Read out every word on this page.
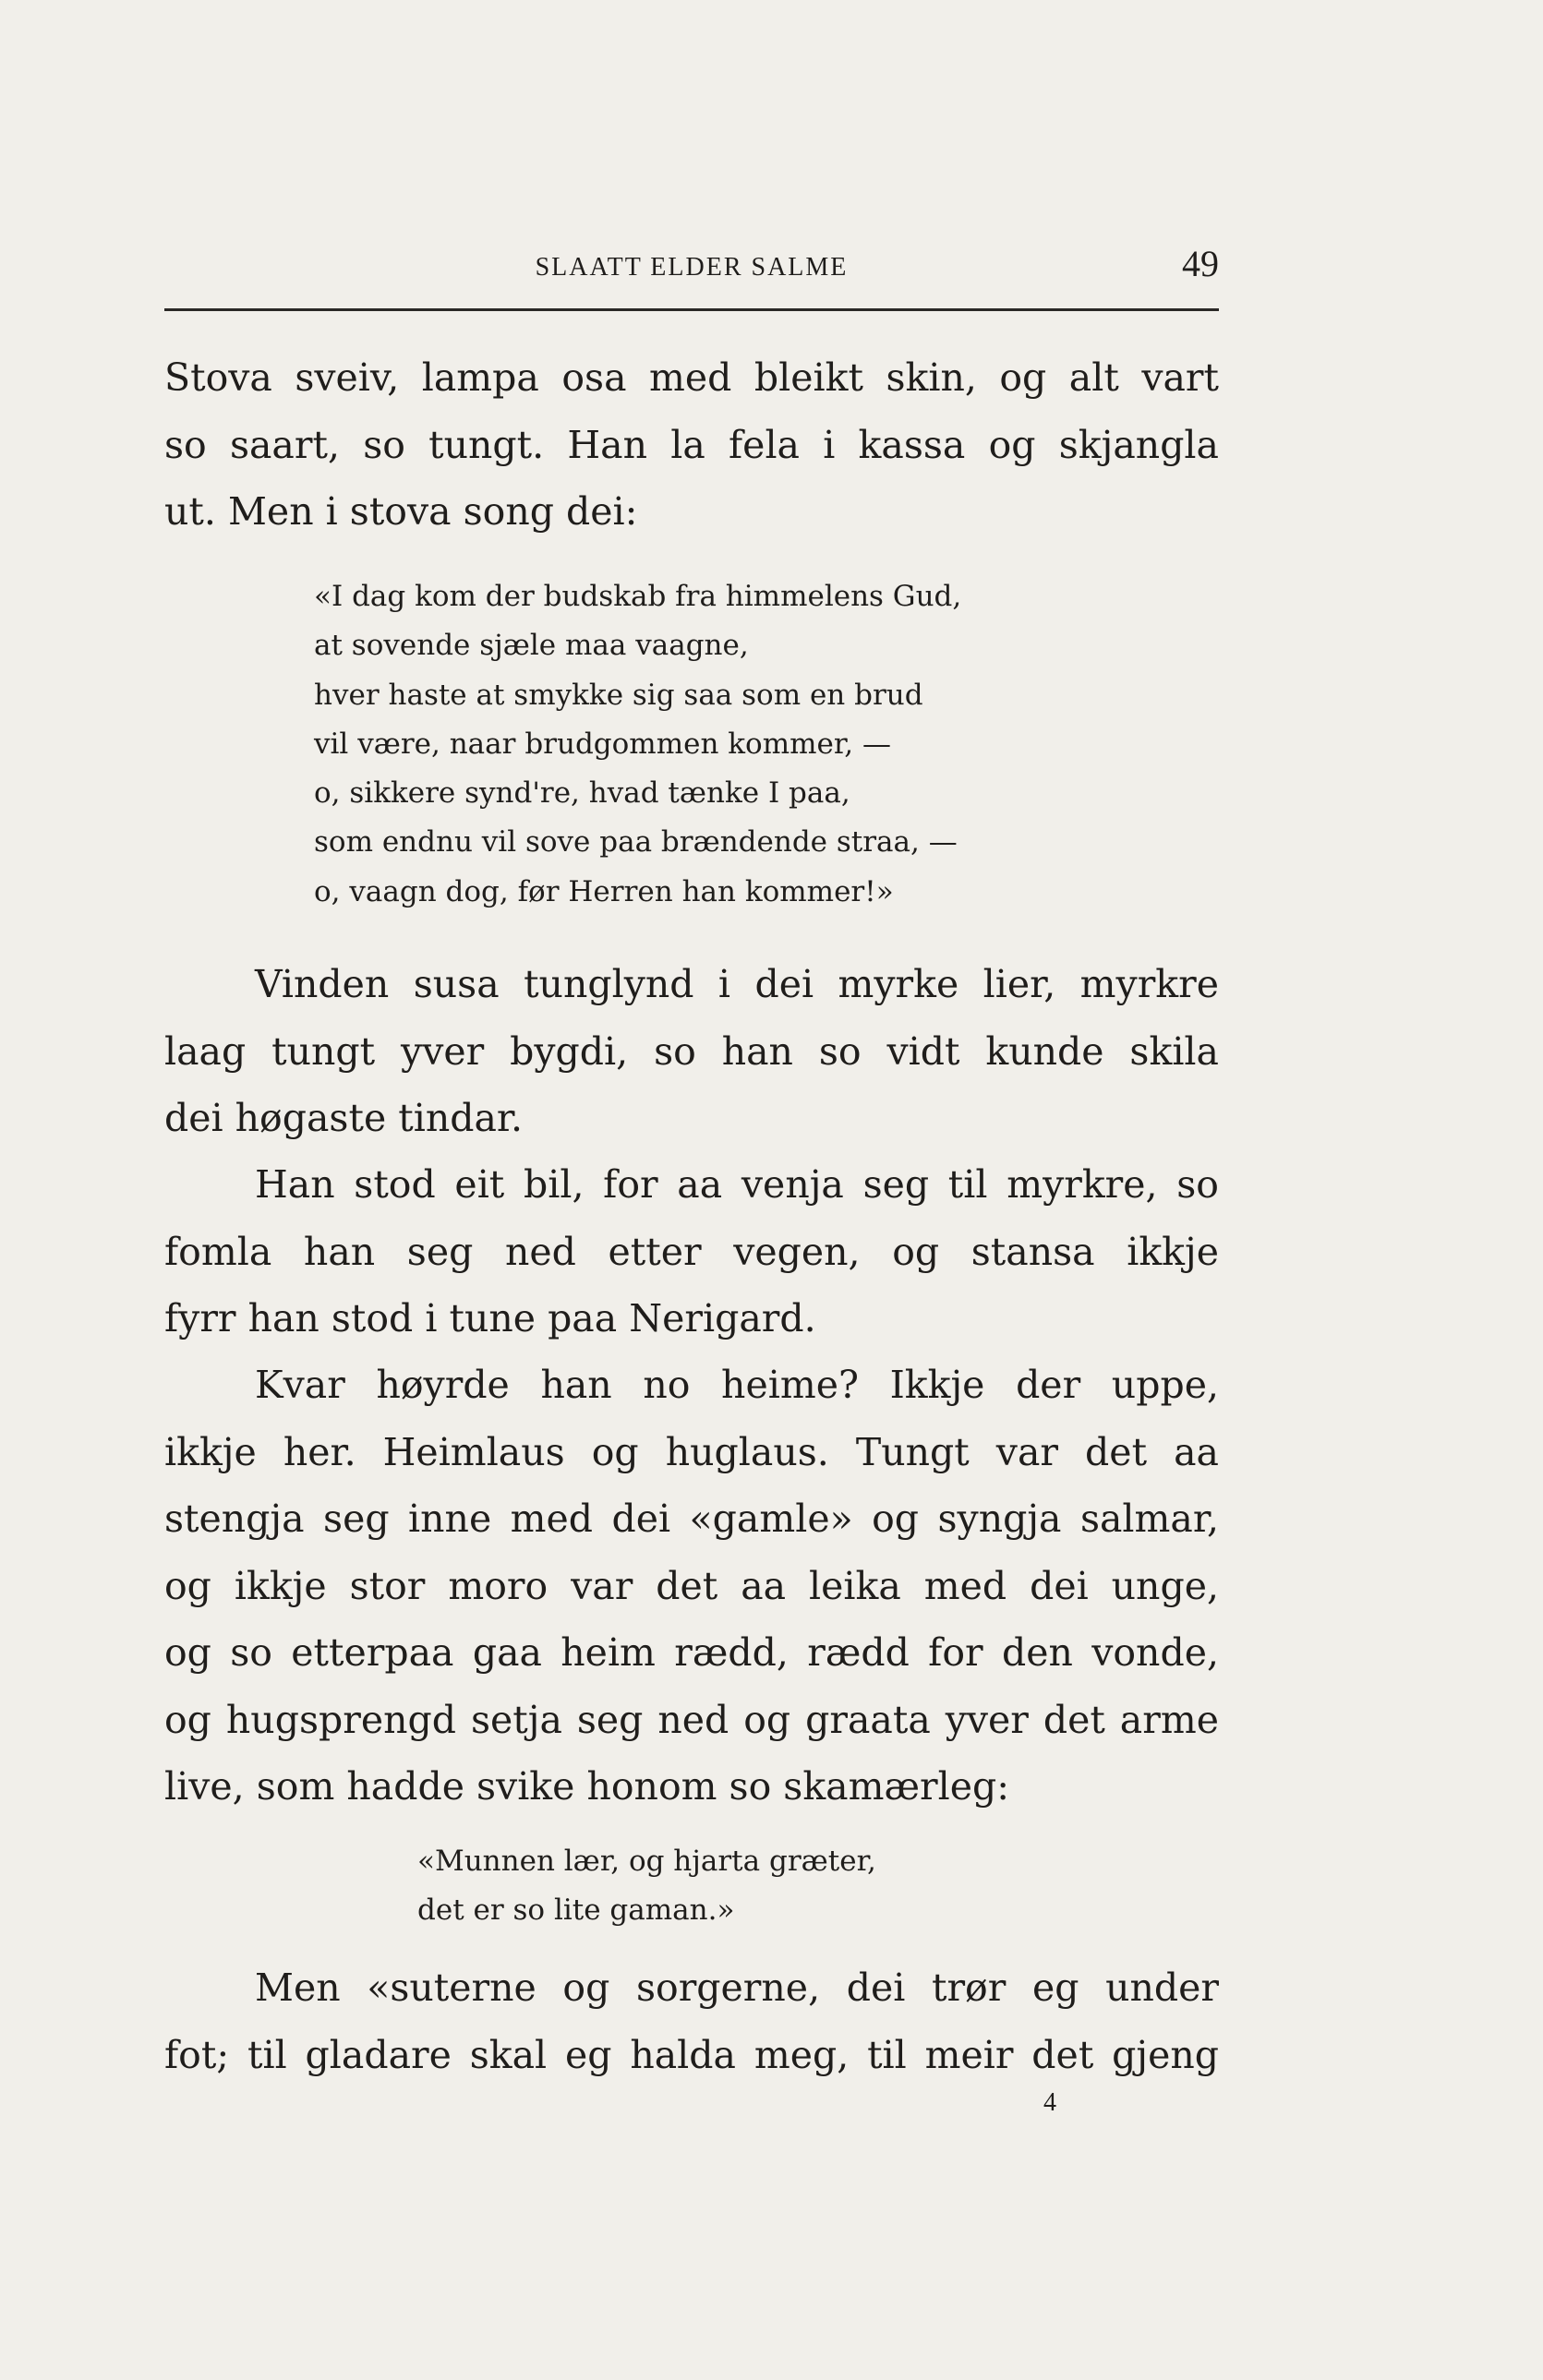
SLAATT ELDER SALME	49
Stova sveiv, lampa osa med bleikt skin, og alt vart
so saart, so tungt. Han la fela i kassa og skjangla
ut. Men i stova song dei:
«I dag kom der budskab fra himmelens Gud,
at sovende sjæle maa vaagne,
hver haste at smykke sig saa som en brud
vil være, naar brudgommen kommer, —
o, sikkere synd're, hvad tænke I paa,
som endnu vil sove paa brændende straa, —
o, vaagn dog, før Herren han kommer!»
Vinden susa tunglynd i dei myrke lier, myrkre
laag tungt yver bygdi, so han so vidt kunde skila
dei høgaste tindar.
Han stod eit bil, for aa venja seg til myrkre, so
fomla han seg ned etter vegen, og stansa ikkje
fyrr han stod i tune paa Nerigard.
Kvar høyrde han no heime? Ikkje der uppe,
ikkje her. Heimlaus og huglaus. Tungt var det aa
stengja seg inne med dei «gamle» og syngja salmar,
og ikkje stor moro var det aa leika med dei unge,
og so etterpaa gaa heim rædd, rædd for den vonde,
og hugsprengd setja seg ned og graata yver det arme
live, som hadde svike honom so skamærleg:
«Munnen lær, og hjarta græter,
det er so lite gaman.»
Men «suterne og sorgerne, dei trør eg under
fot; til gladare skal eg halda meg, til meir det gjeng
4
